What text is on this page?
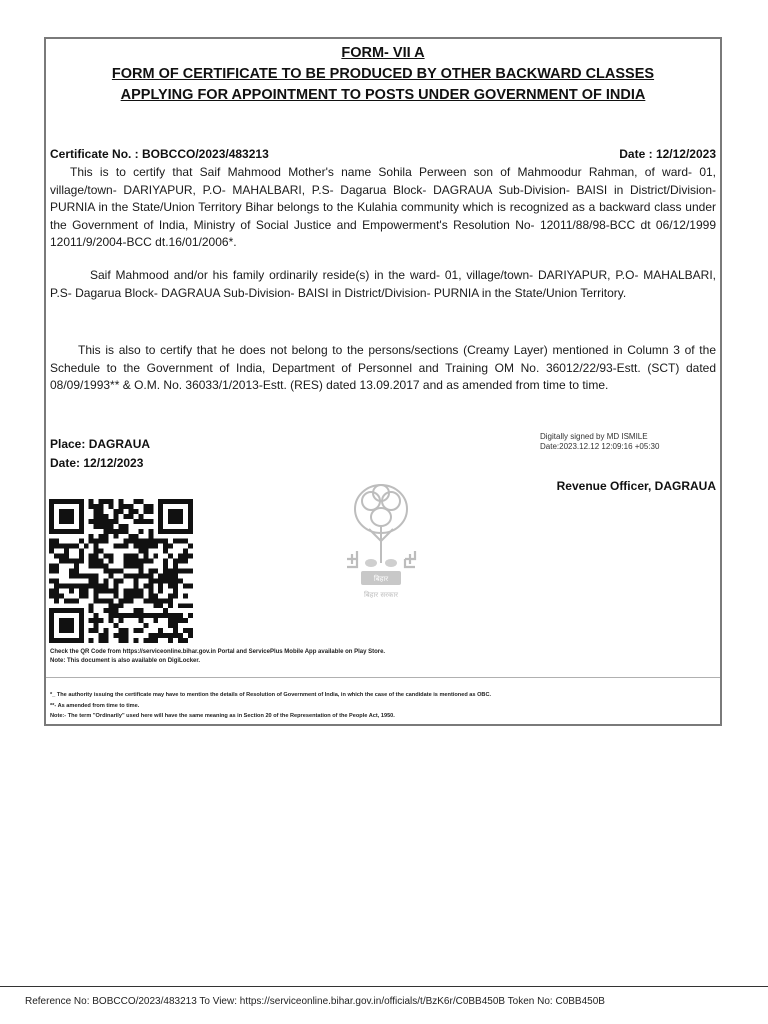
FORM- VII A
FORM OF CERTIFICATE TO BE PRODUCED BY OTHER BACKWARD CLASSES
APPLYING FOR APPOINTMENT TO POSTS UNDER GOVERNMENT OF INDIA
Certificate No. : BOBCCO/2023/483213	Date : 12/12/2023
This is to certify that Saif Mahmood Mother's name Sohila Perween son of Mahmoodur Rahman, of ward- 01, village/town- DARIYAPUR, P.O- MAHALBARI, P.S- Dagarua Block- DAGRAUA Sub-Division- BAISI in District/Division- PURNIA in the State/Union Territory Bihar belongs to the Kulahia community which is recognized as a backward class under the Government of India, Ministry of Social Justice and Empowerment's Resolution No- 12011/88/98-BCC dt 06/12/1999 12011/9/2004-BCC dt.16/01/2006*.
Saif Mahmood and/or his family ordinarily reside(s) in the ward- 01, village/town- DARIYAPUR, P.O- MAHALBARI, P.S- Dagarua Block- DAGRAUA Sub-Division- BAISI in District/Division- PURNIA in the State/Union Territory.
This is also to certify that he does not belong to the persons/sections (Creamy Layer) mentioned in Column 3 of the Schedule to the Government of India, Department of Personnel and Training OM No. 36012/22/93-Estt. (SCT) dated 08/09/1993** & O.M. No. 36033/1/2013-Estt. (RES) dated 13.09.2017 and as amended from time to time.
Place: DAGRAUA
Date: 12/12/2023
Digitally signed by MD ISMILE
Date:2023.12.12 12:09:16 +05:30
Revenue Officer, DAGRAUA
बिहार
बिहार सरकार
Check the QR Code from https://serviceonline.bihar.gov.in Portal and ServicePlus Mobile App available on Play Store.
Note: This document is also available on DigiLocker.
*_ The authority issuing the certificate may have to mention the details of Resolution of Government of India, in which the case of the candidate is mentioned as OBC.
**- As amended from time to time.
Note:- The term "Ordinarily" used here will have the same meaning as in Section 20 of the Representation of the People Act, 1950.
Reference No: BOBCCO/2023/483213 To View: https://serviceonline.bihar.gov.in/officials/t/BzK6r/C0BB450B Token No: C0BB450B
